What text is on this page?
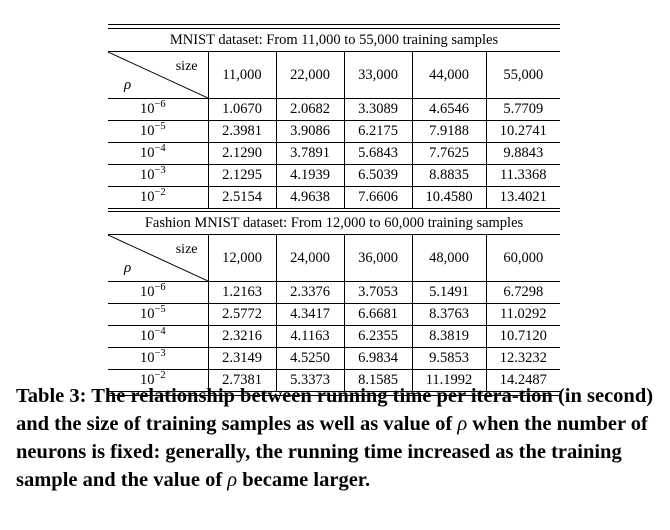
MNIST dataset: From 11,000 to 55,000 training samples					

size
ρ	11,000	22,000	33,000	44,000	55,000
$10^{-6}$	1.0670	2.0682	3.3089	4.6546	5.7709
$10^{-5}$	2.3981	3.9086	6.2175	7.9188	10.2741
$10^{-4}$	2.1290	3.7891	5.6843	7.7625	9.8843
$10^{-3}$	2.1295	4.1939	6.5039	8.8835	11.3368
$10^{-2}$	2.5154	4.9638	7.6606	10.4580	13.4021

Fashion MNIST dataset: From 12,000 to 60,000 training samples					

size
ρ	12,000	24,000	36,000	48,000	60,000
$10^{-6}$	1.2163	2.3376	3.7053	5.1491	6.7298
$10^{-5}$	2.5772	4.3417	6.6681	8.3763	11.0292
$10^{-4}$	2.3216	4.1163	6.2355	8.3819	10.7120
$10^{-3}$	2.3149	4.5250	6.9834	9.5853	12.3232
$10^{-2}$	2.7381	5.3373	8.1585	11.1992	14.2487

Table 3: The relationship between running time per itera-tion (in second) and the size of training samples as well as value of ρ when the number of neurons is fixed: generally, the running time increased as the training sample and the value of ρ became larger.
